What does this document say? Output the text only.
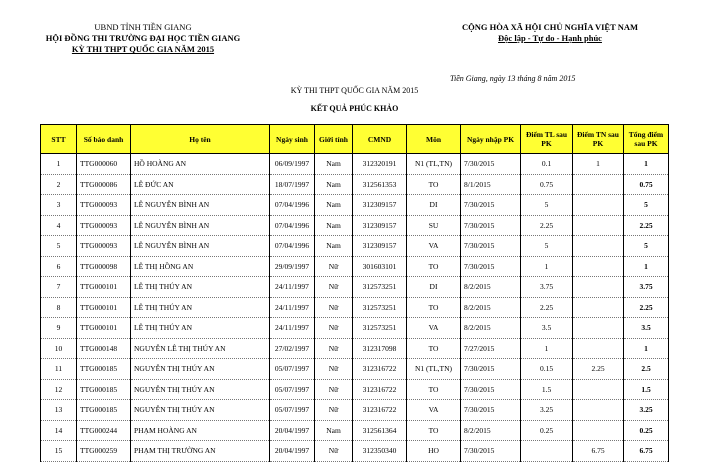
UBND TỈNH TIỀN GIANG
HỘI ĐỒNG THI TRƯỜNG ĐẠI HỌC TIỀN GIANG
KỲ THI THPT QUỐC GIA NĂM 2015
CỘNG HÒA XÃ HỘI CHỦ NGHĨA VIỆT NAM
Độc lập - Tự do - Hạnh phúc
Tiền Giang, ngày 13 tháng 8 năm 2015
KỲ THI THPT QUỐC GIA NĂM 2015
KẾT QUẢ PHÚC KHẢO
STT	Số báo danh	Họ tên	Ngày sinh	Giới tính	CMND	Môn	Ngày nhập PK	Điểm TL sau PK	Điểm TN sau PK	Tổng điểm sau PK
1	TTG000060	HỒ HOÀNG AN	06/09/1997	Nam	312320191	N1 (TL,TN)	7/30/2015	0.1	1	1
2	TTG000086	LÊ ĐỨC AN	18/07/1997	Nam	312561353	TO	8/1/2015	0.75		0.75
3	TTG000093	LÊ NGUYỄN BÌNH AN	07/04/1996	Nam	312309157	DI	7/30/2015	5		5
4	TTG000093	LÊ NGUYỄN BÌNH AN	07/04/1996	Nam	312309157	SU	7/30/2015	2.25		2.25
5	TTG000093	LÊ NGUYỄN BÌNH AN	07/04/1996	Nam	312309157	VA	7/30/2015	5		5
6	TTG000098	LÊ THỊ HỒNG AN	29/09/1997	Nữ	301603101	TO	7/30/2015	1		1
7	TTG000101	LÊ THỊ THÚY AN	24/11/1997	Nữ	312573251	DI	8/2/2015	3.75		3.75
8	TTG000101	LÊ THỊ THÚY AN	24/11/1997	Nữ	312573251	TO	8/2/2015	2.25		2.25
9	TTG000101	LÊ THỊ THÚY AN	24/11/1997	Nữ	312573251	VA	8/2/2015	3.5		3.5
10	TTG000148	NGUYỄN LÊ THỊ THÚY AN	27/02/1997	Nữ	312317098	TO	7/27/2015	1		1
11	TTG000185	NGUYỄN THỊ THÚY AN	05/07/1997	Nữ	312316722	N1 (TL,TN)	7/30/2015	0.15	2.25	2.5
12	TTG000185	NGUYỄN THỊ THÚY AN	05/07/1997	Nữ	312316722	TO	7/30/2015	1.5		1.5
13	TTG000185	NGUYỄN THỊ THÚY AN	05/07/1997	Nữ	312316722	VA	7/30/2015	3.25		3.25
14	TTG000244	PHẠM HOÀNG AN	20/04/1997	Nam	312561364	TO	8/2/2015	0.25		0.25
15	TTG000259	PHẠM THỊ TRƯỜNG AN	20/04/1997	Nữ	312350340	HO	7/30/2015		6.75	6.75
